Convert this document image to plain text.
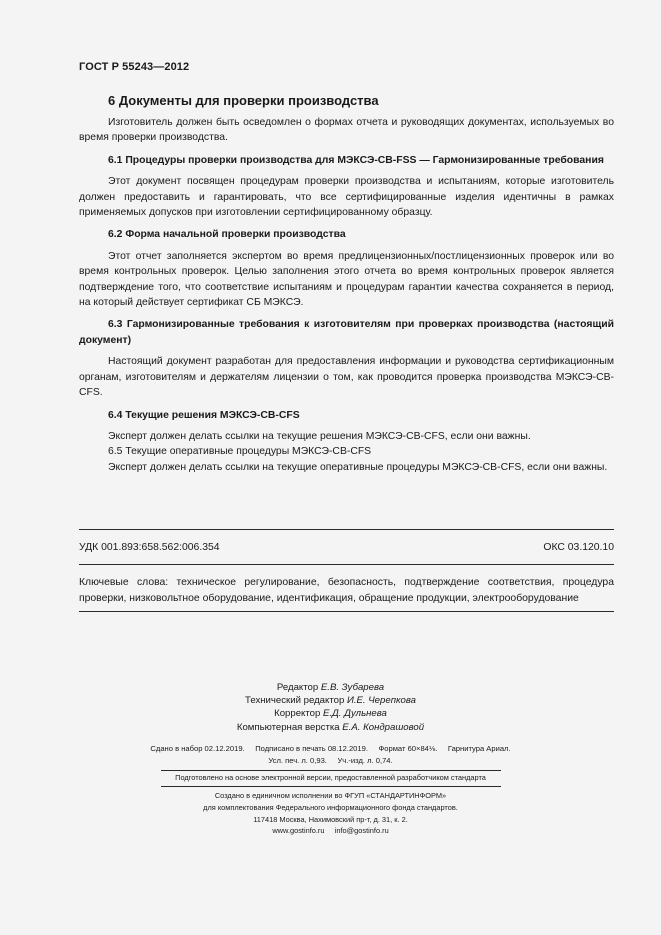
ГОСТ Р 55243—2012
6 Документы для проверки производства

Изготовитель должен быть осведомлен о формах отчета и руководящих документах, используемых во время проверки производства.

6.1 Процедуры проверки производства для МЭКСЭ-СВ-FSS — Гармонизированные требования

Этот документ посвящен процедурам проверки производства и испытаниям, которые изготовитель должен предоставить и гарантировать, что все сертифицированные изделия идентичны в рамках применяемых допусков при изготовлении сертифицированному образцу.

6.2 Форма начальной проверки производства

Этот отчет заполняется экспертом во время предлицензионных/постлицензионных проверок или во время контрольных проверок. Целью заполнения этого отчета во время контрольных проверок является подтверждение того, что соответствие испытаниям и процедурам гарантии качества сохраняется в период, на который действует сертификат СБ МЭКСЭ.

6.3 Гармонизированные требования к изготовителям при проверках производства (настоящий документ)

Настоящий документ разработан для предоставления информации и руководства сертификационным органам, изготовителям и держателям лицензии о том, как проводится проверка производства МЭКСЭ-СВ-CFS.

6.4 Текущие решения МЭКСЭ-СВ-CFS
Эксперт должен делать ссылки на текущие решения МЭКСЭ-СВ-CFS, если они важны.
6.5 Текущие оперативные процедуры МЭКСЭ-СВ-CFS

Эксперт должен делать ссылки на текущие оперативные процедуры МЭКСЭ-СВ-CFS, если они важны.

УДК 001.893:658.562:006.354	ОКС 03.120.10
Ключевые слова: техническое регулирование, безопасность, подтверждение соответствия, процедура проверки, низковольтное оборудование, идентификация, обращение продукции, электрооборудование
Редактор Е.В. Зубарева
Технический редактор И.Е. Черепкова
Корректор Е.Д. Дульнева
Компьютерная верстка Е.А. Кондрашовой
Сдано в набор 02.12.2019.     Подписано в печать 08.12.2019.     Формат 60×84⅛.     Гарнитура Ариал.
Усл. печ. л. 0,93.     Уч.-изд. л. 0,74.
Подготовлено на основе электронной версии, предоставленной разработчиком стандарта
Создано в единичном исполнении во ФГУП «СТАНДАРТИНФОРМ»
для комплектования Федерального информационного фонда стандартов.
117418 Москва, Нахимовский пр-т, д. 31, к. 2.
www.gostinfo.ru     info@gostinfo.ru
